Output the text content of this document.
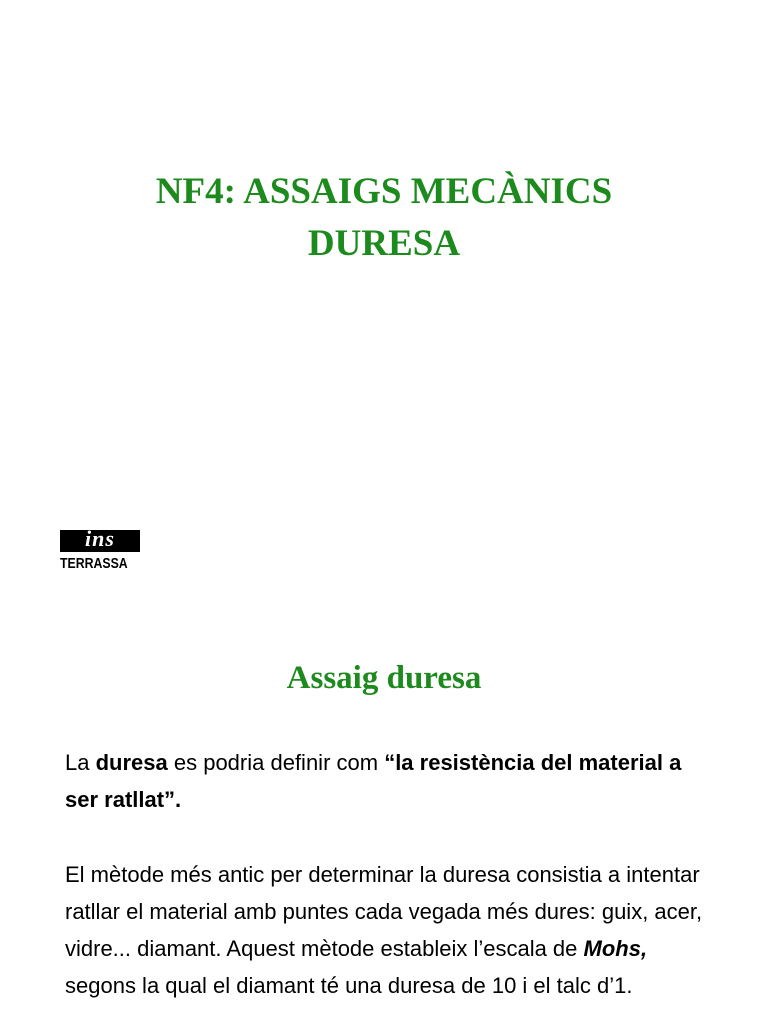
NF4: ASSAIGS MECÀNICS
DURESA
ins
TERRASSA
Assaig duresa
La duresa es podria definir com “la resistència del material a ser ratllat”.
El mètode més antic per determinar la duresa consistia a intentar ratllar el material amb puntes cada vegada més dures: guix, acer, vidre... diamant. Aquest mètode estableix l’escala de Mohs, segons la qual el diamant té una duresa de 10 i el talc d’1.
